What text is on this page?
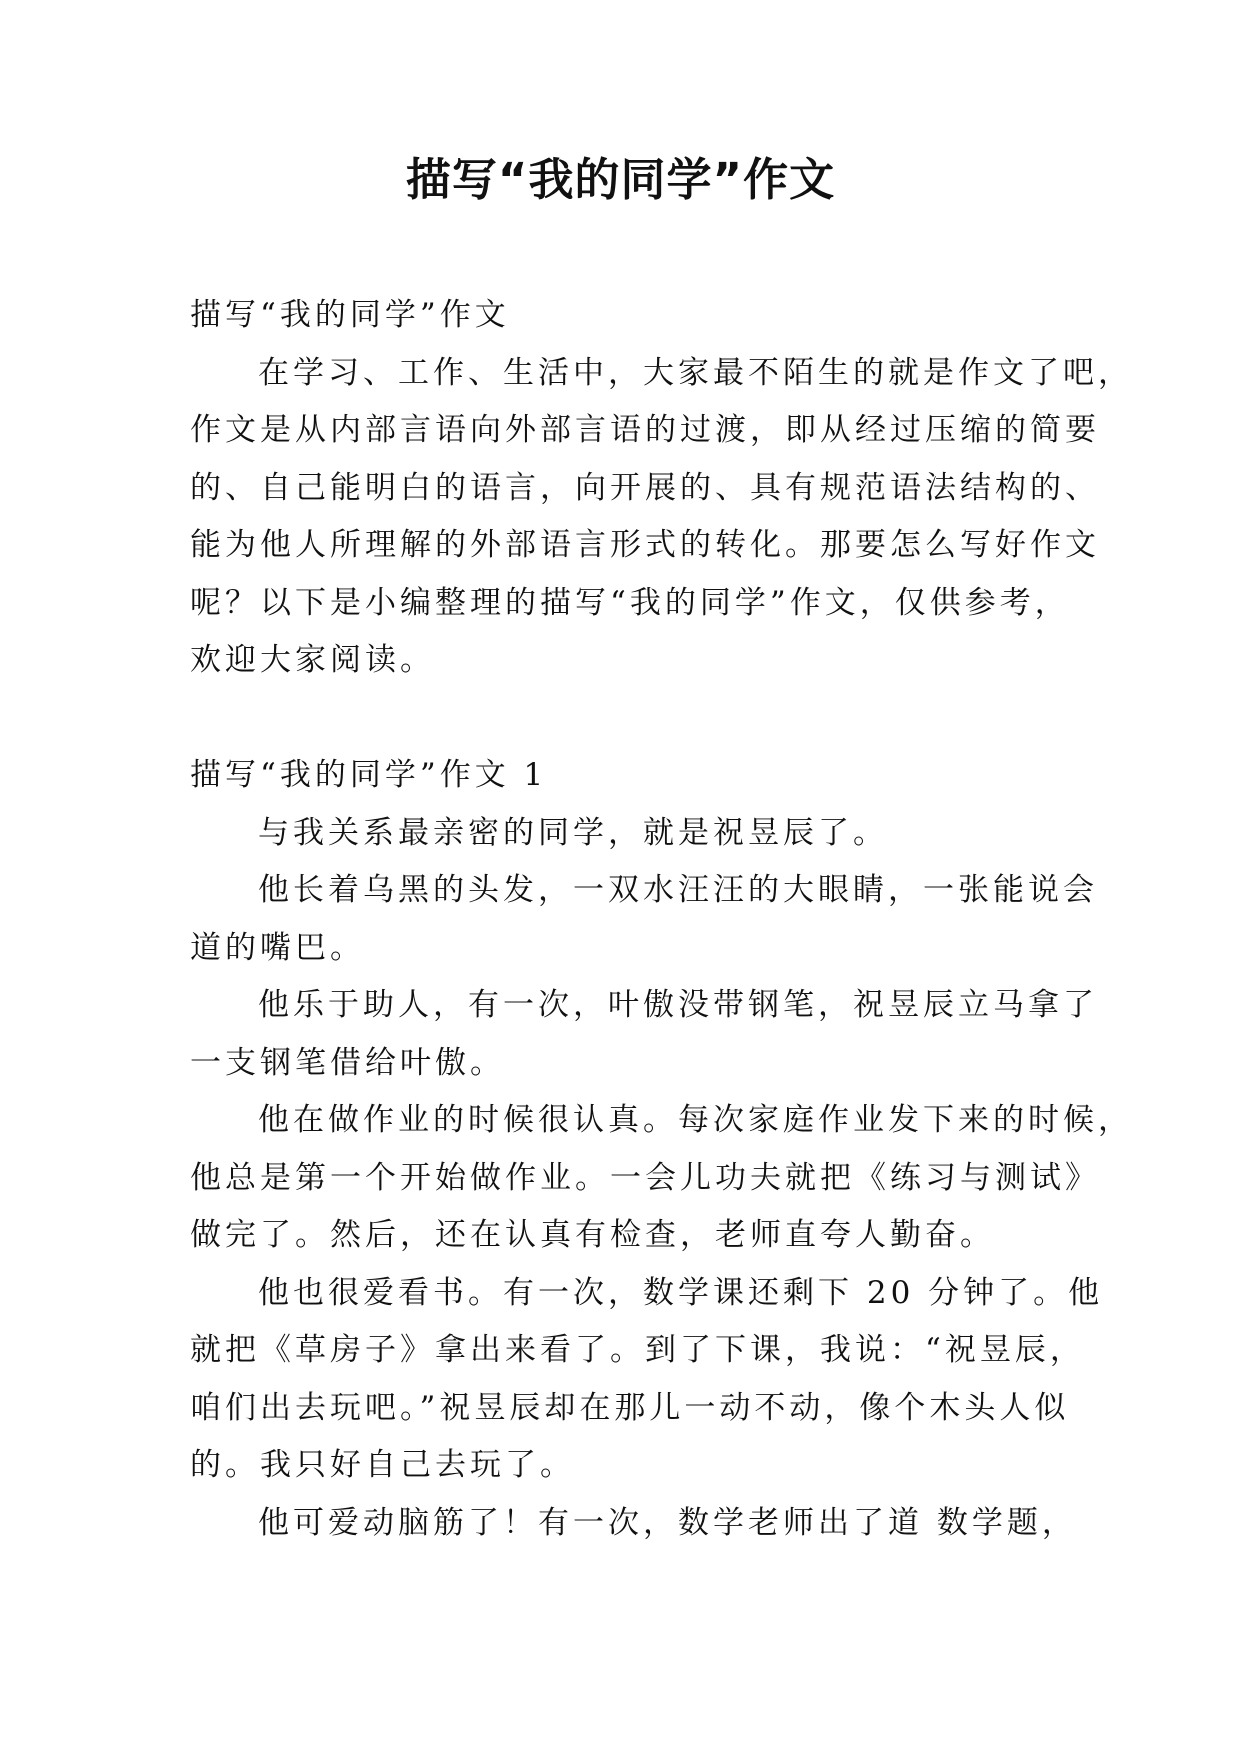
描写“我的同学”作文

描写“我的同学”作文

在学习、工作、生活中，大家最不陌生的就是作文了吧，

作文是从内部言语向外部言语的过渡，即从经过压缩的简要

的、自己能明白的语言，向开展的、具有规范语法结构的、

能为他人所理解的外部语言形式的转化。那要怎么写好作文

呢？以下是小编整理的描写“我的同学”作文，仅供参考，

欢迎大家阅读。

描写“我的同学”作文 1

与我关系最亲密的同学，就是祝昱辰了。

他长着乌黑的头发，一双水汪汪的大眼睛，一张能说会

道的嘴巴。

他乐于助人，有一次，叶傲没带钢笔，祝昱辰立马拿了

一支钢笔借给叶傲。

他在做作业的时候很认真。每次家庭作业发下来的时候，

他总是第一个开始做作业。一会儿功夫就把《练习与测试》

做完了。然后，还在认真有检查，老师直夸人勤奋。

他也很爱看书。有一次，数学课还剩下 20 分钟了。他

就把《草房子》拿出来看了。到了下课，我说：“祝昱辰，

咱们出去玩吧。”祝昱辰却在那儿一动不动，像个木头人似

的。我只好自己去玩了。

他可爱动脑筋了！有一次，数学老师出了道 数学题，
